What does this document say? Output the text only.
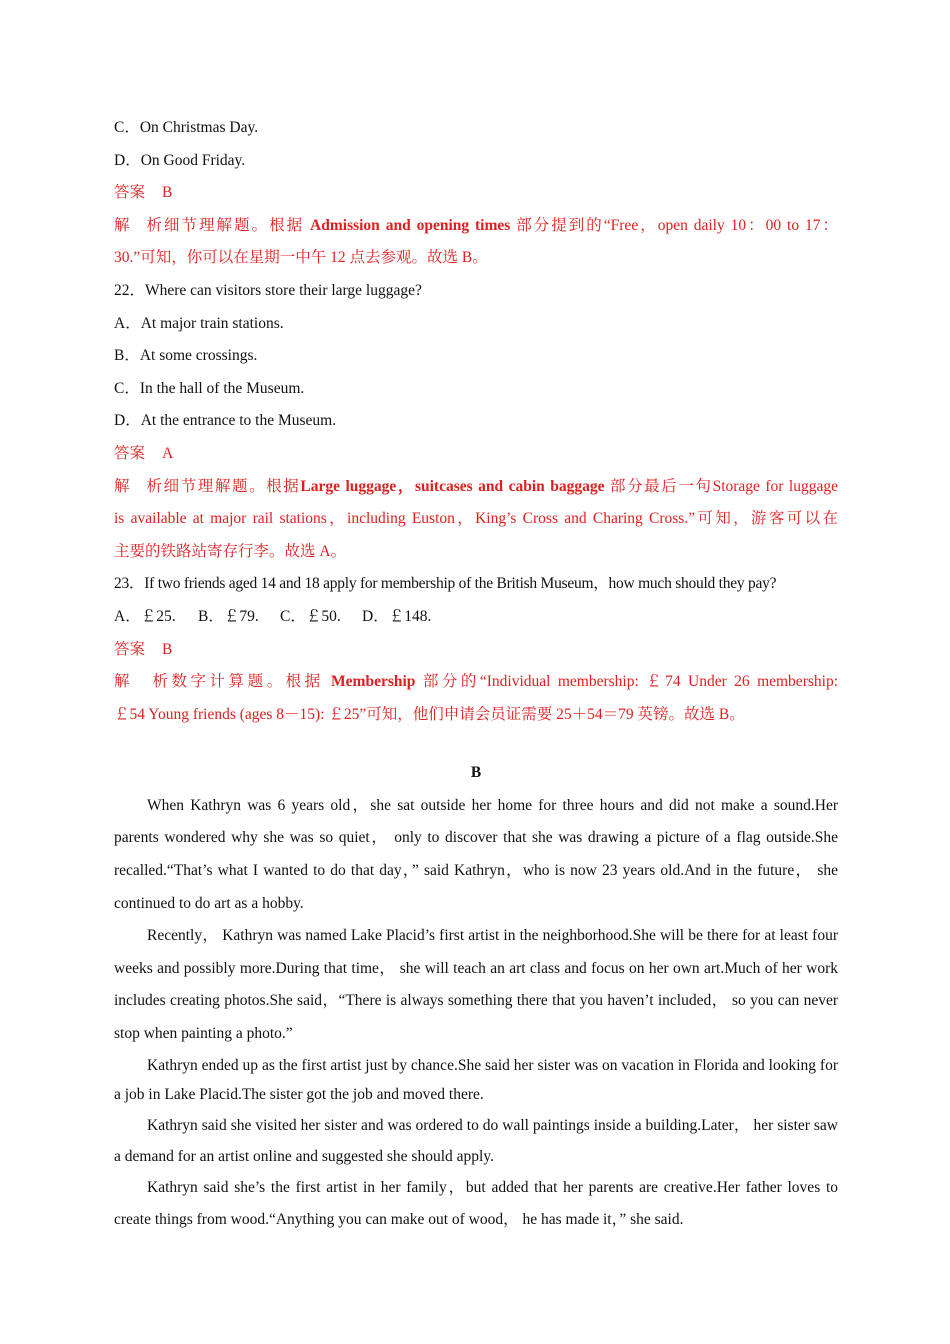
C．On Christmas Day.
D．On Good Friday.
答案 B
解析细节理解题。根据 Admission and opening times 部分提到的“Free，open daily 10：00 to 17：
30.”可知，你可以在星期一中午 12 点去参观。故选 B。
22．Where can visitors store their large luggage?
A．At major train stations.
B．At some crossings.
C．In the hall of the Museum.
D．At the entrance to the Museum.
答案 A
解析细节理解题。根据Large luggage，suitcases and cabin baggage 部分最后一句Storage for luggage
is available at major rail stations，including Euston，King’s Cross and Charing Cross.”可知，游客可以在
主要的铁路站寄存行李。故选 A。
23．If two friends aged 14 and 18 apply for membership of the British Museum，how much should they pay?
A．￡25. B．￡79. C．￡50. D．￡148.
答案 B
解析数字计算题。根据 Membership 部分的“Individual membership: ￡74 Under 26 membership:
￡54 Young friends (ages 8－15): ￡25”可知，他们申请会员证需要 25＋54＝79 英镑。故选 B。
B

When Kathryn was 6 years old，she sat outside her home for three hours and did not make a sound.Her parents wondered why she was so quiet， only to discover that she was drawing a picture of a flag outside.She recalled.“That’s what I wanted to do that day，” said Kathryn，who is now 23 years old.And in the future， she continued to do art as a hobby.

Recently， Kathryn was named Lake Placid’s first artist in the neighborhood.She will be there for at least four weeks and possibly more.During that time， she will teach an art class and focus on her own art.Much of her work includes creating photos.She said，“There is always something there that you haven’t included， so you can never stop when painting a photo.”

Kathryn ended up as the first artist just by chance.She said her sister was on vacation in Florida and looking for a job in Lake Placid.The sister got the job and moved there.

Kathryn said she visited her sister and was ordered to do wall paintings inside a building.Later， her sister saw a demand for an artist online and suggested she should apply.

Kathryn said she’s the first artist in her family，but added that her parents are creative.Her father loves to create things from wood.“Anything you can make out of wood， he has made it，” she said.
